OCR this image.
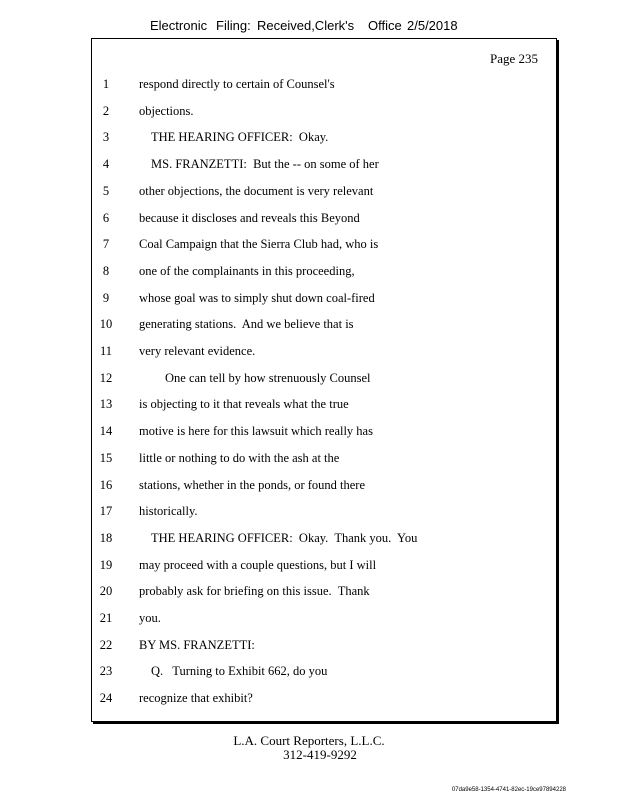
Electronic Filing: Received,Clerk's Office 2/5/2018
Page 235
1	respond directly to certain of Counsel's
2	objections.
3	THE HEARING OFFICER:  Okay.
4	MS. FRANZETTI:  But the -- on some of her
5	other objections, the document is very relevant
6	because it discloses and reveals this Beyond
7	Coal Campaign that the Sierra Club had, who is
8	one of the complainants in this proceeding,
9	whose goal was to simply shut down coal-fired
10	generating stations.  And we believe that is
11	very relevant evidence.
12	One can tell by how strenuously Counsel
13	is objecting to it that reveals what the true
14	motive is here for this lawsuit which really has
15	little or nothing to do with the ash at the
16	stations, whether in the ponds, or found there
17	historically.
18	THE HEARING OFFICER:  Okay.  Thank you.  You
19	may proceed with a couple questions, but I will
20	probably ask for briefing on this issue.  Thank
21	you.
22	BY MS. FRANZETTI:
23	Q.   Turning to Exhibit 662, do you
24	recognize that exhibit?
L.A. Court Reporters, L.L.C.
312-419-9292
07da9e58-1354-4741-82ec-19ce97894228
